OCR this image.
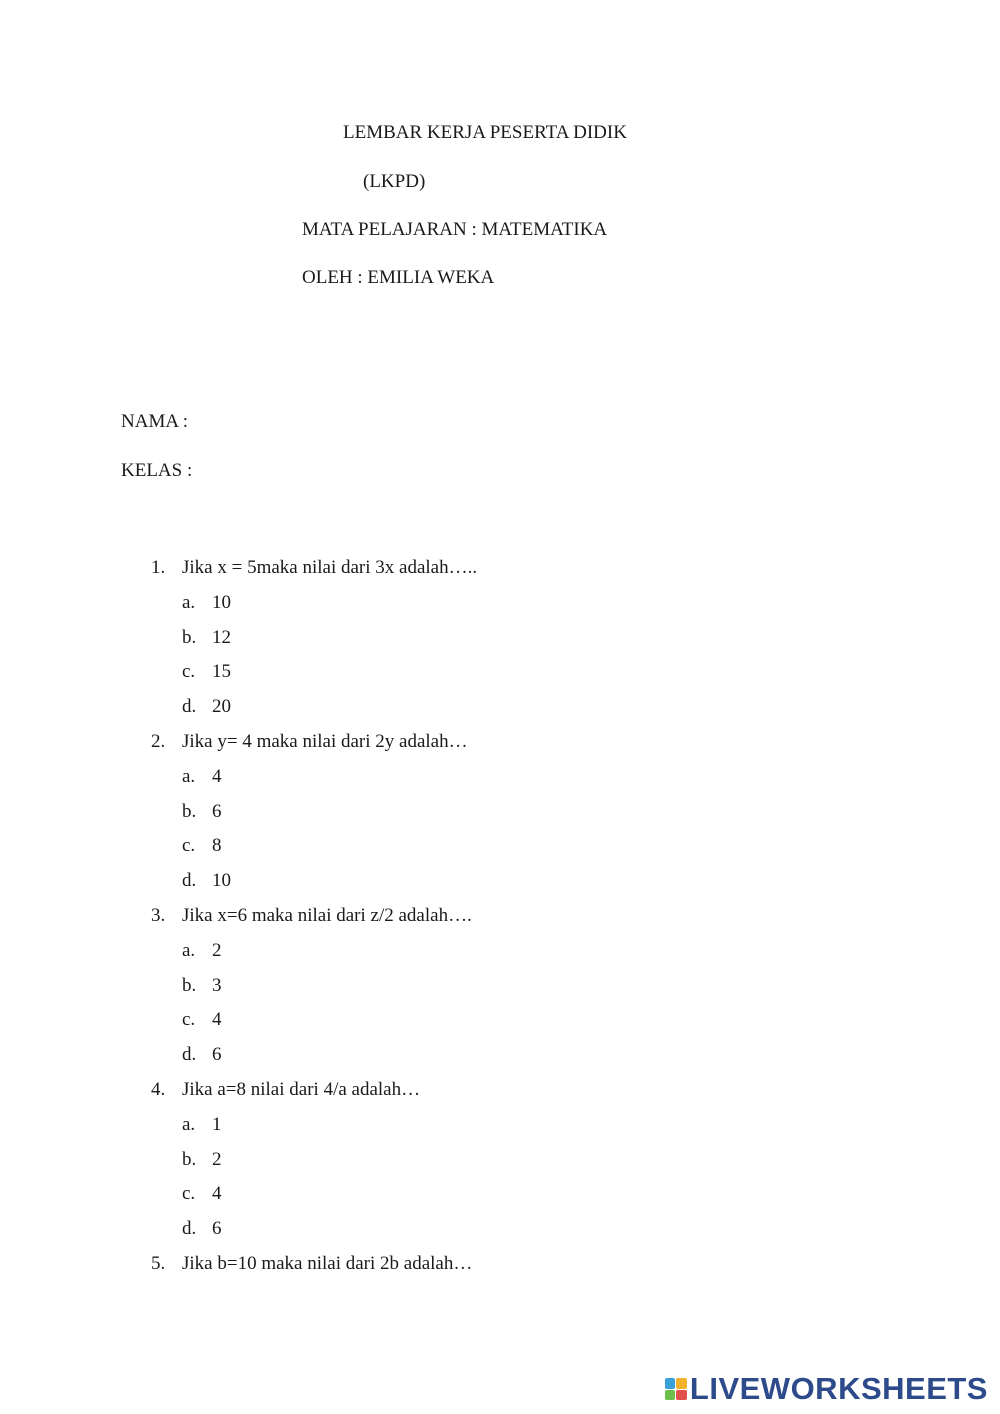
LEMBAR KERJA PESERTA DIDIK
(LKPD)
MATA PELAJARAN : MATEMATIKA
OLEH : EMILIA WEKA
NAMA :
KELAS :
1. Jika x = 5maka nilai dari 3x adalah…..
a. 10
b. 12
c. 15
d. 20
2. Jika y= 4 maka nilai dari 2y adalah…
a. 4
b. 6
c. 8
d. 10
3. Jika x=6 maka nilai dari z/2 adalah….
a. 2
b. 3
c. 4
d. 6
4. Jika a=8 nilai dari 4/a adalah…
a. 1
b. 2
c. 4
d. 6
5. Jika b=10 maka nilai dari 2b adalah…
LIVEWORKSHEETS
